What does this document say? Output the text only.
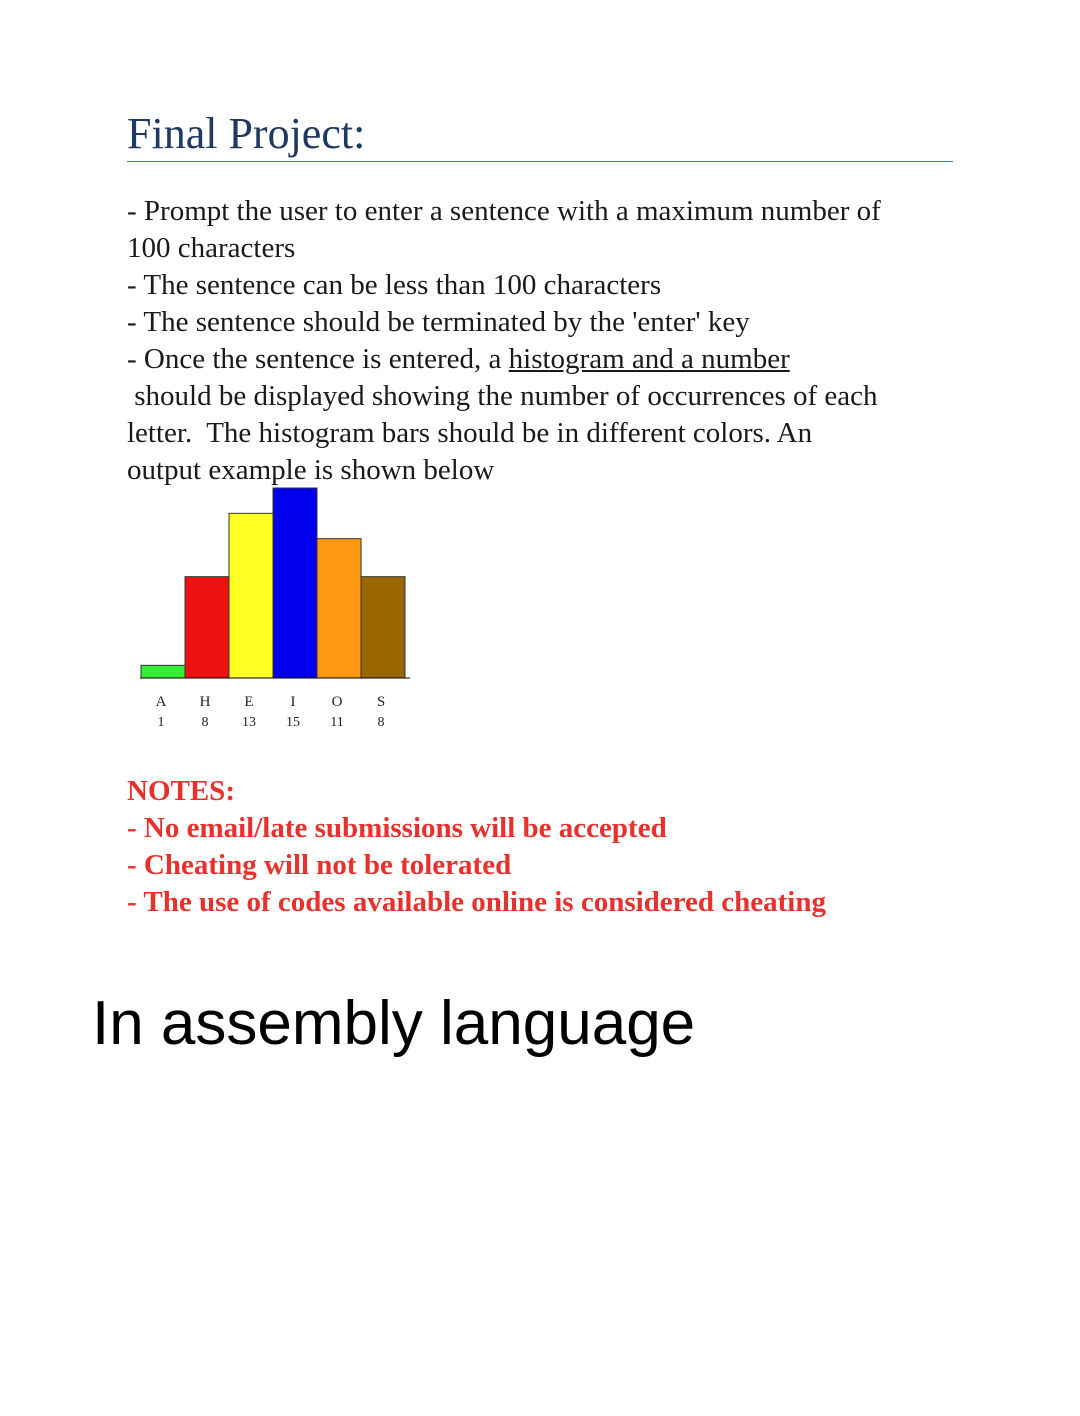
Final Project:
- Prompt the user to enter a sentence with a maximum number of
100 characters
- The sentence can be less than 100 characters
- The sentence should be terminated by the 'enter' key
- Once the sentence is entered, a histogram and a number
should be displayed showing the number of occurrences of each
letter.  The histogram bars should be in different colors. An
output example is shown below
A
1
H
8
E
13
I
15
O
11
S
8
NOTES:
- No email/late submissions will be accepted
- Cheating will not be tolerated
- The use of codes available online is considered cheating
In assembly language
